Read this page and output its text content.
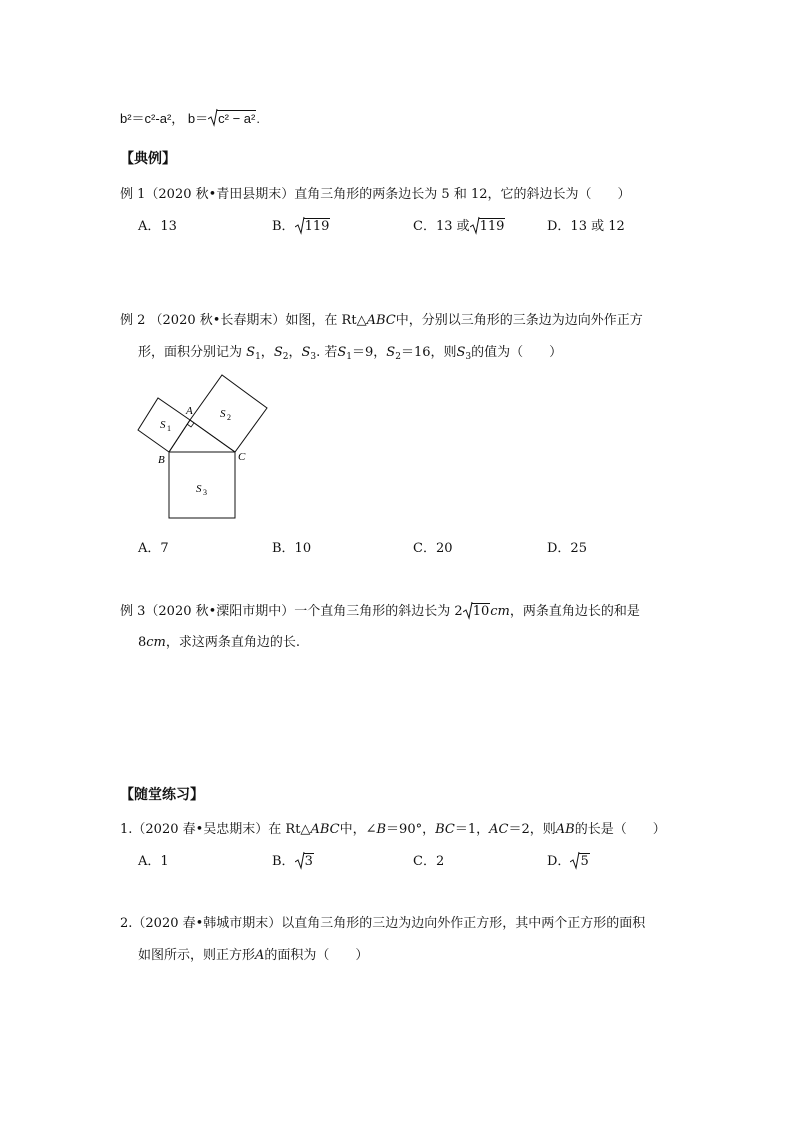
b²＝c²-a²， b＝ c² − a².
【典例】
例 1（2020 秋•青田县期末）直角三角形的两条边长为 5 和 12，它的斜边长为（　　）
A．13	B． 119	C．13 或 119	D．13 或 12
例 2 （2020 秋•长春期末）如图，在 Rt△ABC中，分别以三角形的三条边为边向外作正方
形，面积分别记为 $S_1$，$S_2$，$S_3$. 若$S_1=9$，$S_2=16$，则$S_3$的值为（　　）
A
B	C
S 1
S 2
S 3
A．7	B．10	C．20	D．25
例 3（2020 秋•溧阳市期中）一个直角三角形的斜边长为 2 10cm，两条直角边长的和是
8cm，求这两条直角边的长.
【随堂练习】
1.（2020 春•吴忠期末）在 Rt△ABC中，∠B＝90°，BC＝1，AC＝2，则AB的长是（　　）
A．1	B． 3	C．2	D． 5
2.（2020 春•韩城市期末）以直角三角形的三边为边向外作正方形，其中两个正方形的面积
如图所示，则正方形A的面积为（　　）
